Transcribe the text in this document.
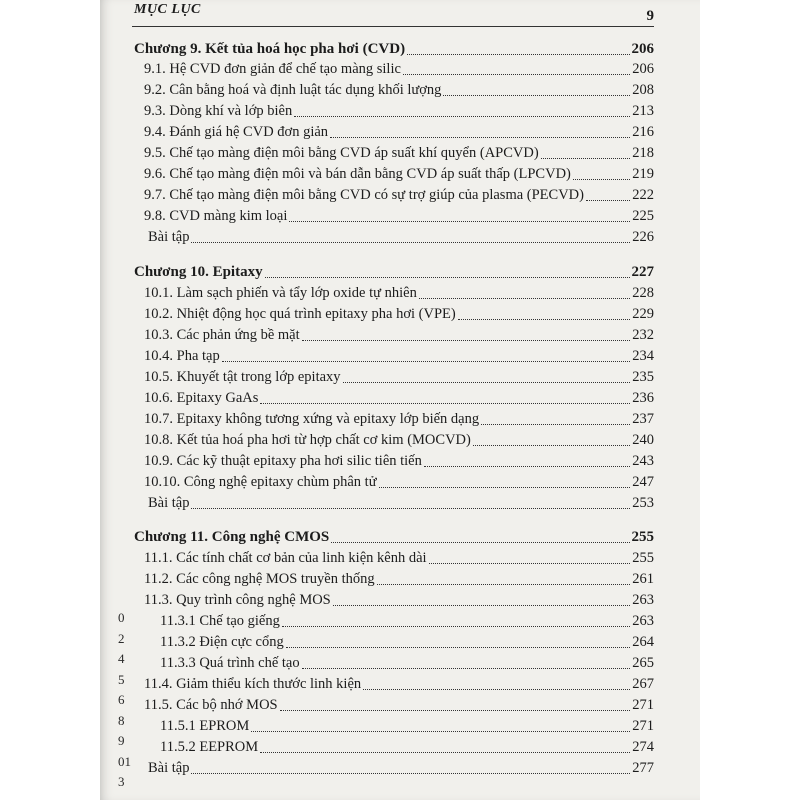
MỤC LỤC	9
Chương 9. Kết tủa hoá học pha hơi (CVD)	206
9.1. Hệ CVD đơn giản để chế tạo màng silic	206
9.2. Cân bằng hoá và định luật tác dụng khối lượng	208
9.3. Dòng khí và lớp biên	213
9.4. Đánh giá hệ CVD đơn giản	216
9.5. Chế tạo màng điện môi bằng CVD áp suất khí quyển (APCVD)	218
9.6. Chế tạo màng điện môi và bán dẫn bằng CVD áp suất thấp (LPCVD)	219
9.7. Chế tạo màng điện môi bằng CVD có sự trợ giúp của plasma (PECVD)	222
9.8. CVD màng kim loại	225
Bài tập	226
Chương 10. Epitaxy	227
10.1. Làm sạch phiến và tẩy lớp oxide tự nhiên	228
10.2. Nhiệt động học quá trình epitaxy pha hơi (VPE)	229
10.3. Các phản ứng bề mặt	232
10.4. Pha tạp	234
10.5. Khuyết tật trong lớp epitaxy	235
10.6. Epitaxy GaAs	236
10.7. Epitaxy không tương xứng và epitaxy lớp biến dạng	237
10.8. Kết tủa hoá pha hơi từ hợp chất cơ kim (MOCVD)	240
10.9. Các kỹ thuật epitaxy pha hơi silic tiên tiến	243
10.10. Công nghệ epitaxy chùm phân tử	247
Bài tập	253
Chương 11. Công nghệ CMOS	255
11.1. Các tính chất cơ bản của linh kiện kênh dài	255
11.2. Các công nghệ MOS truyền thống	261
11.3. Quy trình công nghệ MOS	263
11.3.1 Chế tạo giếng	263
11.3.2 Điện cực cổng	264
11.3.3 Quá trình chế tạo	265
11.4. Giảm thiểu kích thước linh kiện	267
11.5. Các bộ nhớ MOS	271
11.5.1 EPROM	271
11.5.2 EEPROM	274
Bài tập	277
0
2
4
5
6
8
9
01
3
